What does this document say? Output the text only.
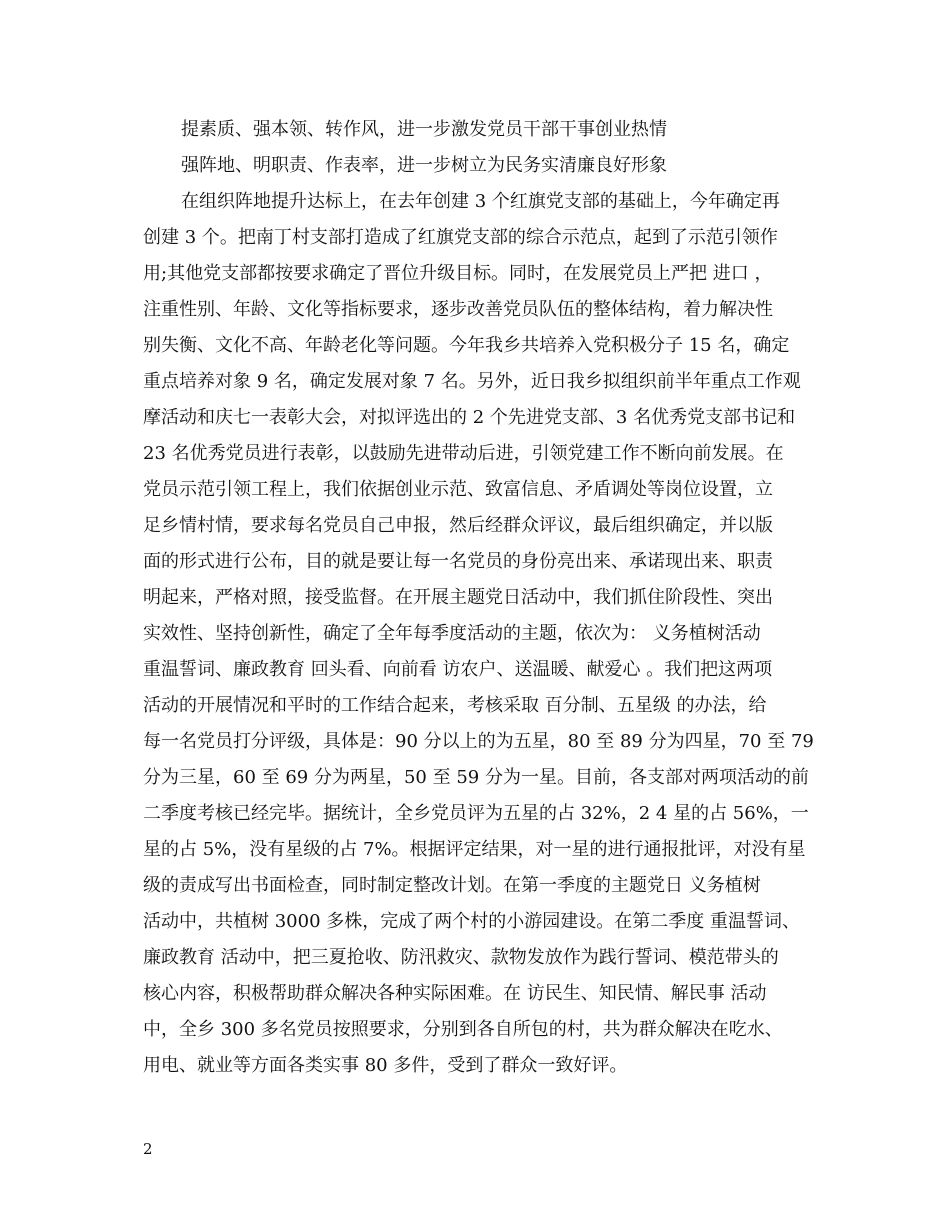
提素质、强本领、转作风，进一步激发党员干部干事创业热情
强阵地、明职责、作表率，进一步树立为民务实清廉良好形象
在组织阵地提升达标上，在去年创建 3 个红旗党支部的基础上，今年确定再
创建 3 个。把南丁村支部打造成了红旗党支部的综合示范点，起到了示范引领作
用;其他党支部都按要求确定了晋位升级目标。同时，在发展党员上严把 进口 ，
注重性别、年龄、文化等指标要求，逐步改善党员队伍的整体结构，着力解决性
别失衡、文化不高、年龄老化等问题。今年我乡共培养入党积极分子 15 名，确定
重点培养对象 9 名，确定发展对象 7 名。另外，近日我乡拟组织前半年重点工作观
摩活动和庆七一表彰大会，对拟评选出的 2 个先进党支部、3 名优秀党支部书记和
23 名优秀党员进行表彰，以鼓励先进带动后进，引领党建工作不断向前发展。在
党员示范引领工程上，我们依据创业示范、致富信息、矛盾调处等岗位设置，立
足乡情村情，要求每名党员自己申报，然后经群众评议，最后组织确定，并以版
面的形式进行公布，目的就是要让每一名党员的身份亮出来、承诺现出来、职责
明起来，严格对照，接受监督。在开展主题党日活动中，我们抓住阶段性、突出
实效性、坚持创新性，确定了全年每季度活动的主题，依次为： 义务植树活动
重温誓词、廉政教育 回头看、向前看 访农户、送温暖、献爱心 。我们把这两项
活动的开展情况和平时的工作结合起来，考核采取 百分制、五星级 的办法，给
每一名党员打分评级，具体是：90 分以上的为五星，80 至 89 分为四星，70 至 79
分为三星，60 至 69 分为两星，50 至 59 分为一星。目前，各支部对两项活动的前
二季度考核已经完毕。据统计，全乡党员评为五星的占 32%，2 4 星的占 56%，一
星的占 5%，没有星级的占 7%。根据评定结果，对一星的进行通报批评，对没有星
级的责成写出书面检查，同时制定整改计划。在第一季度的主题党日 义务植树
活动中，共植树 3000 多株，完成了两个村的小游园建设。在第二季度 重温誓词、
廉政教育 活动中，把三夏抢收、防汛救灾、款物发放作为践行誓词、模范带头的
核心内容，积极帮助群众解决各种实际困难。在 访民生、知民情、解民事 活动
中，全乡 300 多名党员按照要求，分别到各自所包的村，共为群众解决在吃水、
用电、就业等方面各类实事 80 多件，受到了群众一致好评。
2
